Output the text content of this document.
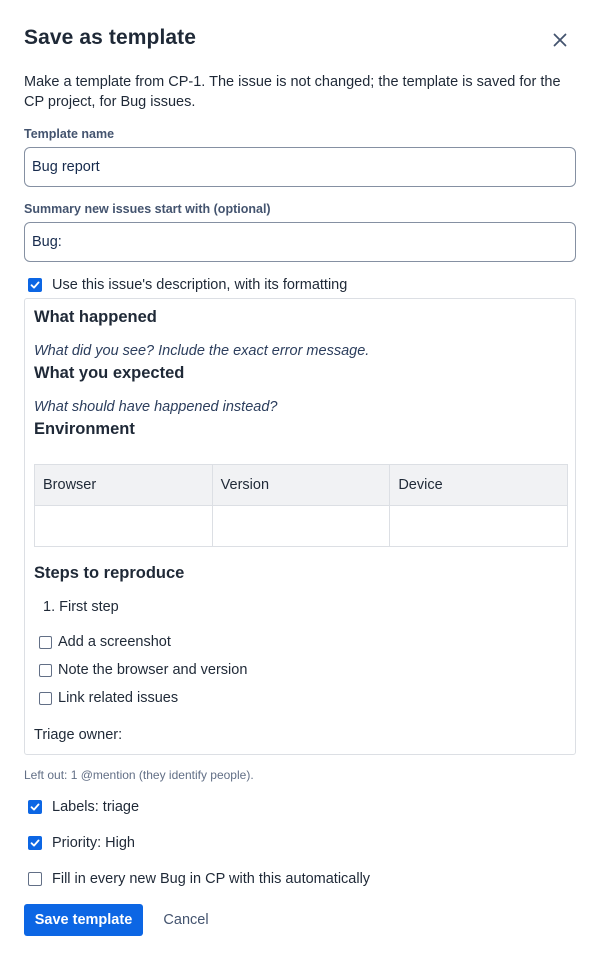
Save as template

Make a template from CP-1. The issue is not changed; the template is saved for the CP project, for Bug issues.

Template name
Bug report
Summary new issues start with (optional)
Bug:
Use this issue's description, with its formatting
What happened

What did you see? Include the exact error message.

What you expected

What should have happened instead?

Environment
Browser	Version	Device

Steps to reproduce
1. First step
Add a screenshot
Note the browser and version
Link related issues
Triage owner:
Left out: 1 @mention (they identify people).
Labels: triage
Priority: High
Fill in every new Bug in CP with this automatically
Save template	Cancel
